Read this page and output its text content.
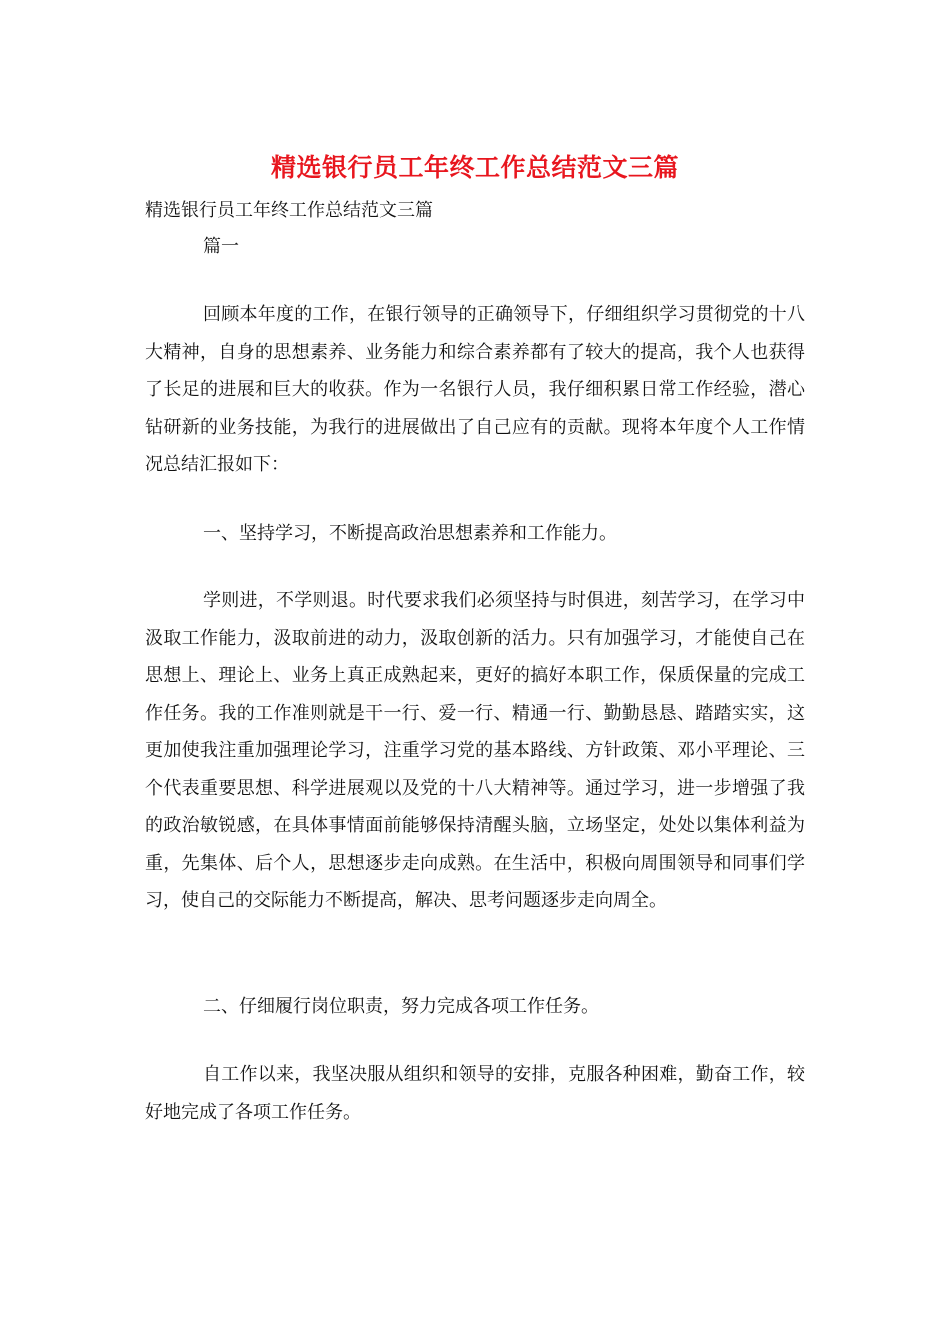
精选银行员工年终工作总结范文三篇
精选银行员工年终工作总结范文三篇

篇一

回顾本年度的工作，在银行领导的正确领导下，仔细组织学习贯彻党的十八大精神，自身的思想素养、业务能力和综合素养都有了较大的提高，我个人也获得了长足的进展和巨大的收获。作为一名银行人员，我仔细积累日常工作经验，潜心钻研新的业务技能，为我行的进展做出了自己应有的贡献。现将本年度个人工作情况总结汇报如下：

一、坚持学习，不断提高政治思想素养和工作能力。

学则进，不学则退。时代要求我们必须坚持与时俱进，刻苦学习，在学习中汲取工作能力，汲取前进的动力，汲取创新的活力。只有加强学习，才能使自己在思想上、理论上、业务上真正成熟起来，更好的搞好本职工作，保质保量的完成工作任务。我的工作准则就是干一行、爱一行、精通一行、勤勤恳恳、踏踏实实，这更加使我注重加强理论学习，注重学习党的基本路线、方针政策、邓小平理论、三个代表重要思想、科学进展观以及党的十八大精神等。通过学习，进一步增强了我的政治敏锐感，在具体事情面前能够保持清醒头脑，立场坚定，处处以集体利益为重，先集体、后个人，思想逐步走向成熟。在生活中，积极向周围领导和同事们学习，使自己的交际能力不断提高，解决、思考问题逐步走向周全。

二、仔细履行岗位职责，努力完成各项工作任务。

自工作以来，我坚决服从组织和领导的安排，克服各种困难，勤奋工作，较好地完成了各项工作任务。
